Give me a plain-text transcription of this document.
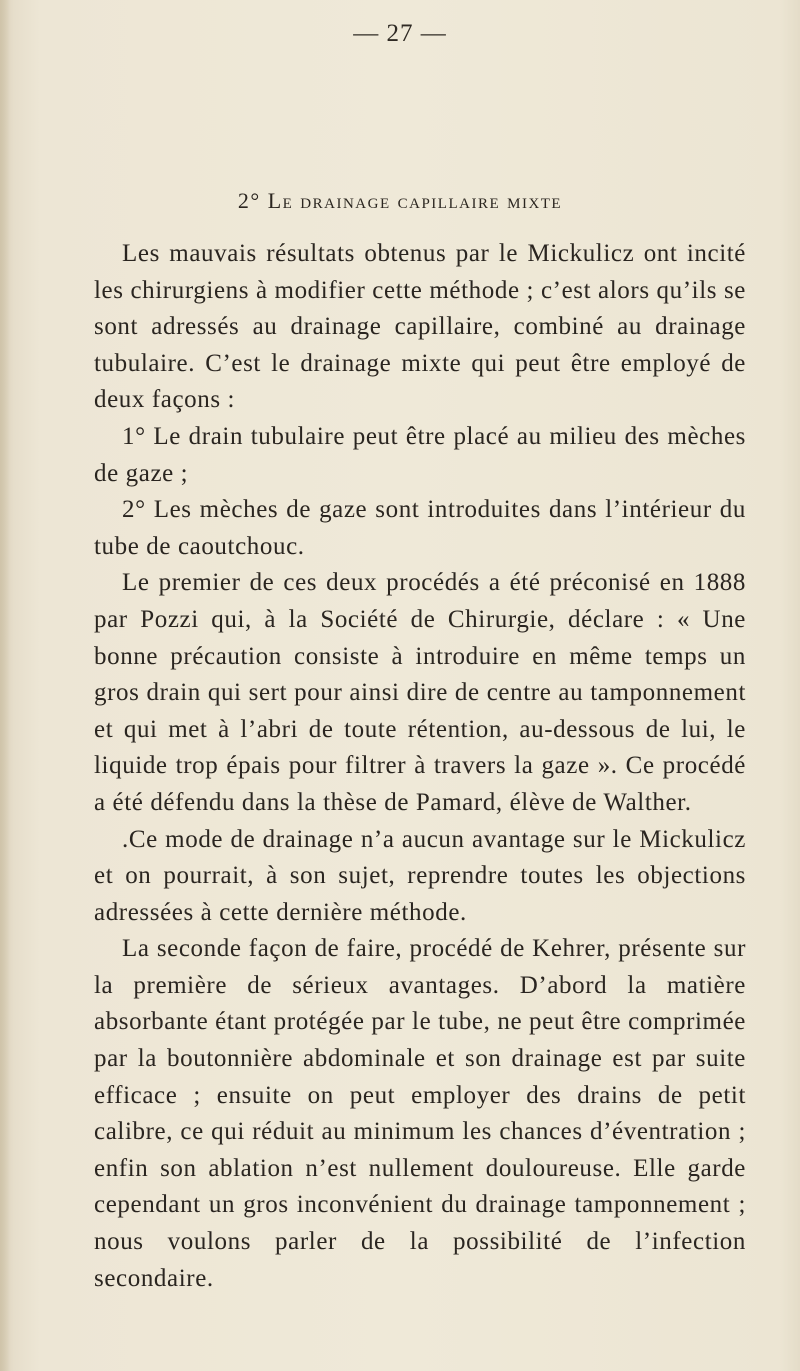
— 27 —
2° Le drainage capillaire mixte

Les mauvais résultats obtenus par le Mickulicz ont incité les chirurgiens à modifier cette méthode ; c’est alors qu’ils se sont adressés au drainage capillaire, combiné au drainage tubulaire. C’est le drainage mixte qui peut être employé de deux façons :

1° Le drain tubulaire peut être placé au milieu des mèches de gaze ;

2° Les mèches de gaze sont introduites dans l’intérieur du tube de caoutchouc.

Le premier de ces deux procédés a été préconisé en 1888 par Pozzi qui, à la Société de Chirurgie, déclare : « Une bonne précaution consiste à introduire en même temps un gros drain qui sert pour ainsi dire de centre au tamponnement et qui met à l’abri de toute rétention, au-dessous de lui, le liquide trop épais pour filtrer à travers la gaze ». Ce procédé a été défendu dans la thèse de Pamard, élève de Walther.

.Ce mode de drainage n’a aucun avantage sur le Mickulicz et on pourrait, à son sujet, reprendre toutes les objections adressées à cette dernière méthode.

La seconde façon de faire, procédé de Kehrer, présente sur la première de sérieux avantages. D’abord la matière absorbante étant protégée par le tube, ne peut être comprimée par la boutonnière abdominale et son drainage est par suite efficace ; ensuite on peut employer des drains de petit calibre, ce qui réduit au minimum les chances d’éventration ; enfin son ablation n’est nullement douloureuse. Elle garde cependant un gros inconvénient du drainage tamponnement ; nous voulons parler de la possibilité de l’infection secondaire.
